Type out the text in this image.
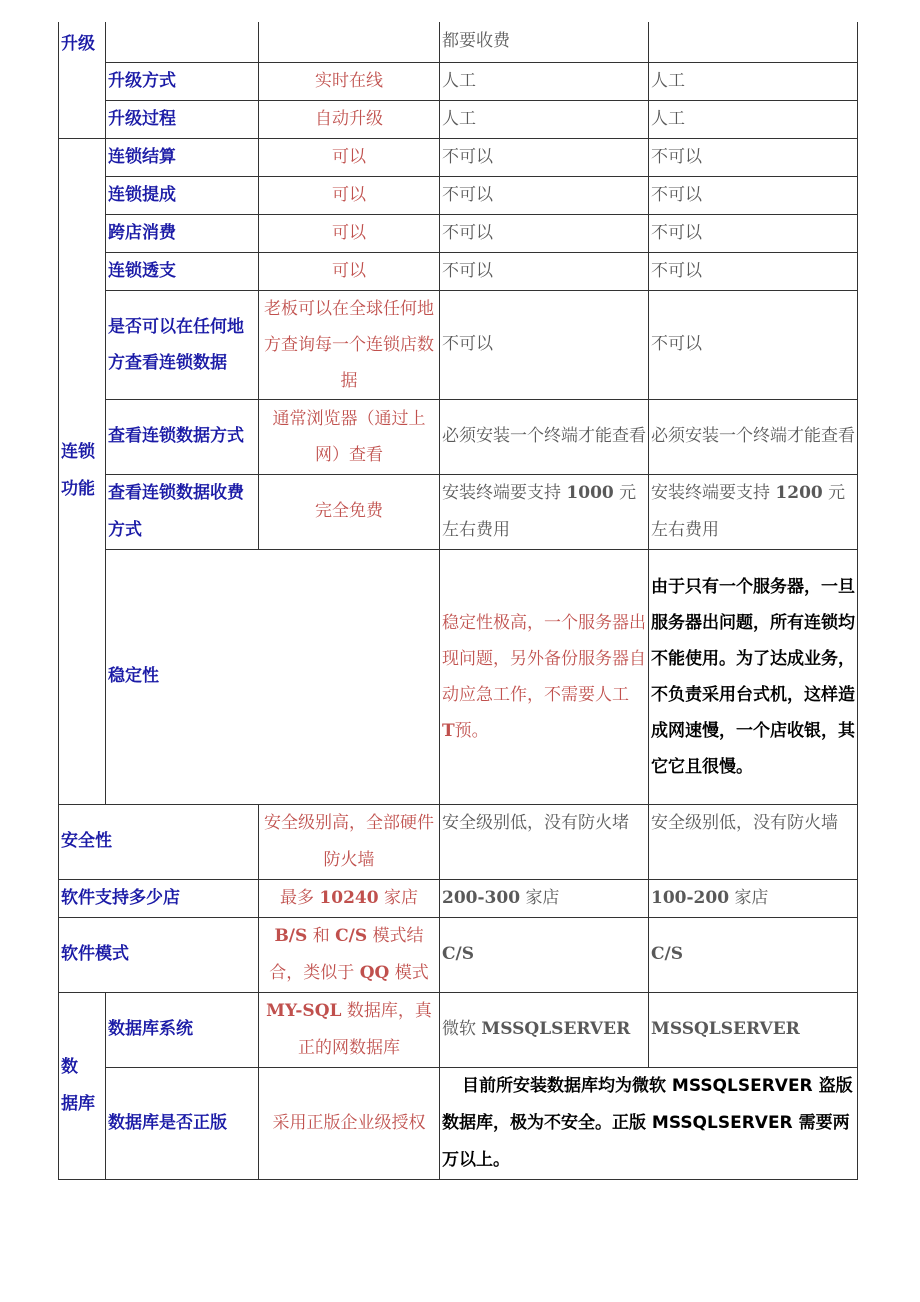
升级			都要收费		
	升级方式	实时在线	人工	人工	
	升级过程	自动升级	人工	人工	

连锁
功能	连锁结算	可以	不可以	不可以	
	连锁提成	可以	不可以	不可以	
	跨店消费	可以	不可以	不可以	
	连锁透支	可以	不可以	不可以	
	是否可以在任何地方查看连锁数据	老板可以在全球任何地方查询每一个连锁店数据	不可以	不可以	
	查看连锁数据方式	通常浏览器（通过上网）查看	必须安装一个终端才能查看	必须安装一个终端才能查看	
	查看连锁数据收费方式	完全免费	安装终端要支持 1000 元左右费用	安装终端要支持 1200 元左右费用	
	稳定性		稳定性极高，一个服务器出现问题，另外备份服务器自动应急工作，不需要人工 T预。	由于只有一个服务器，一旦服务器出问题，所有连锁均不能使用。为了达成业务，不负责采用台式机，这样造成网速慢，一个店收银，其它它且很慢。	
安全性		安全级别高，全部硬件防火墙	安全级别低，没有防火堵	安全级别低，没有防火墙	
软件支持多少店		最多 10240 家店	200-300 家店	100-200 家店	
软件模式		B/S 和 C/S 模式结合，类似于 QQ 模式	C/S	C/S	
数　据库	数据库系统	MY-SQL 数据库，真正的网数据库	微软 MSSQLSERVER	MSSQLSERVER	
	数据库是否正版	采用正版企业级授权	目前所安装数据库均为微软 MSSQLSERVER 盗版数据库，极为不安全。正版 MSSQLSERVER 需要两万以上。		
